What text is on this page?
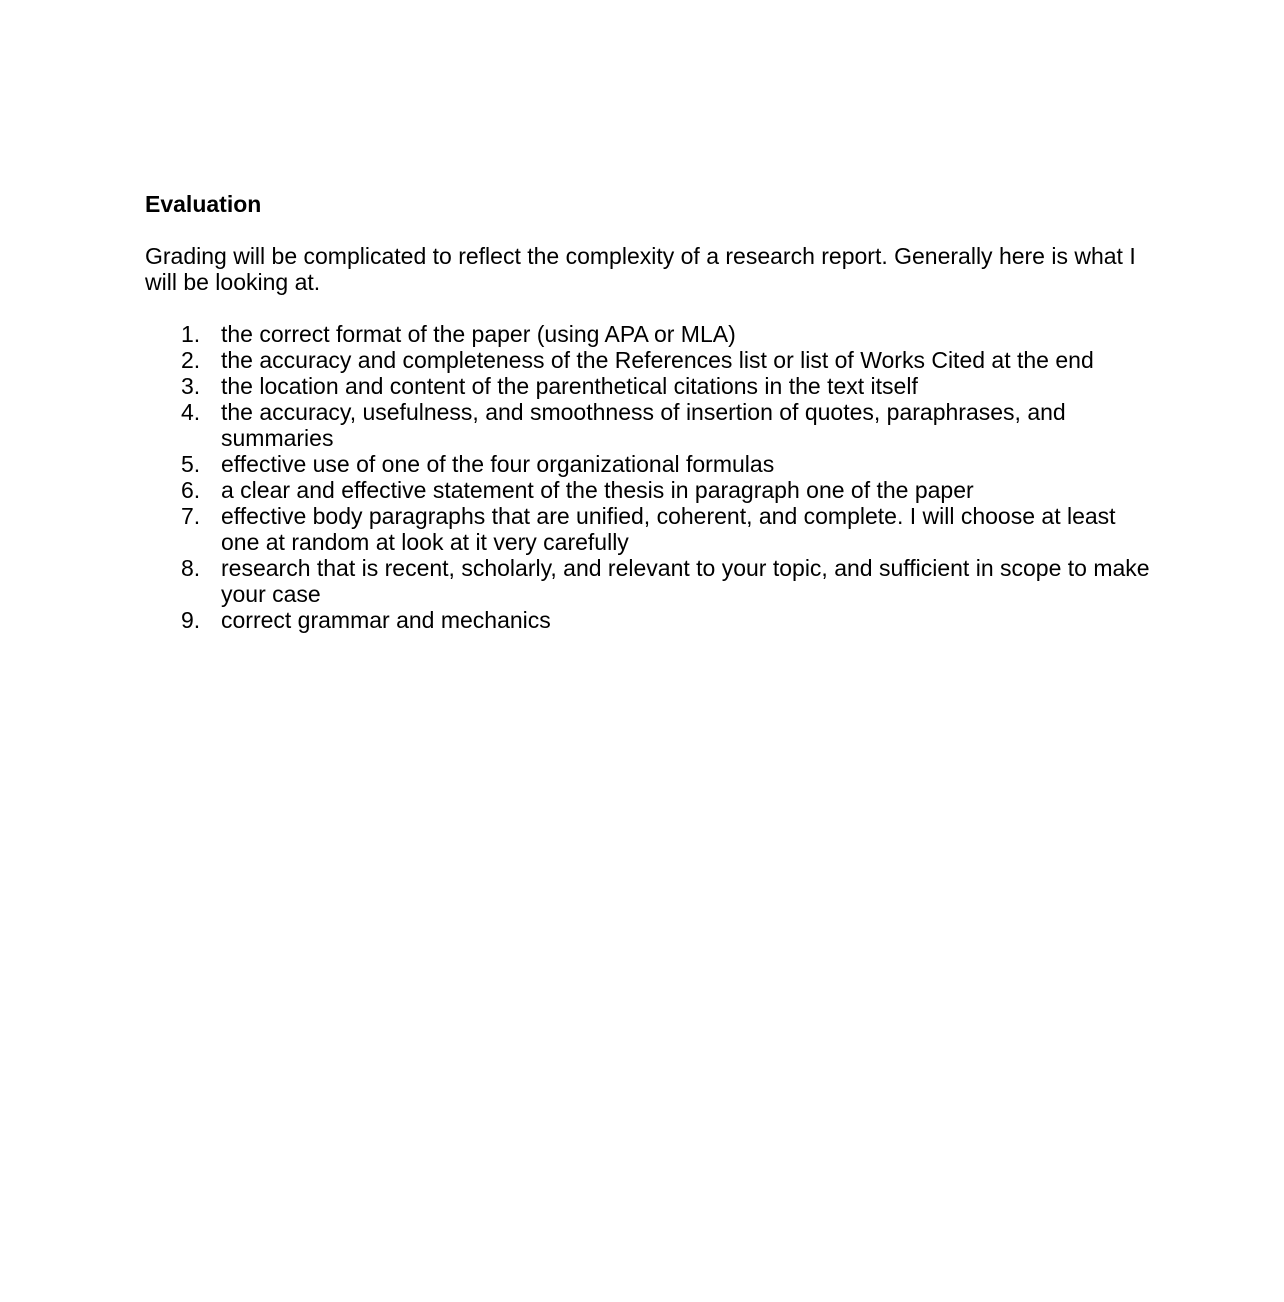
Evaluation

Grading will be complicated to reflect the complexity of a research report. Generally here is what I will be looking at.

1. the correct format of the paper (using APA or MLA)
2. the accuracy and completeness of the References list or list of Works Cited at the end
3. the location and content of the parenthetical citations in the text itself
4. the accuracy, usefulness, and smoothness of insertion of quotes, paraphrases, and summaries
5. effective use of one of the four organizational formulas
6. a clear and effective statement of the thesis in paragraph one of the paper
7. effective body paragraphs that are unified, coherent, and complete. I will choose at least one at random at look at it very carefully
8. research that is recent, scholarly, and relevant to your topic, and sufficient in scope to make your case
9. correct grammar and mechanics
